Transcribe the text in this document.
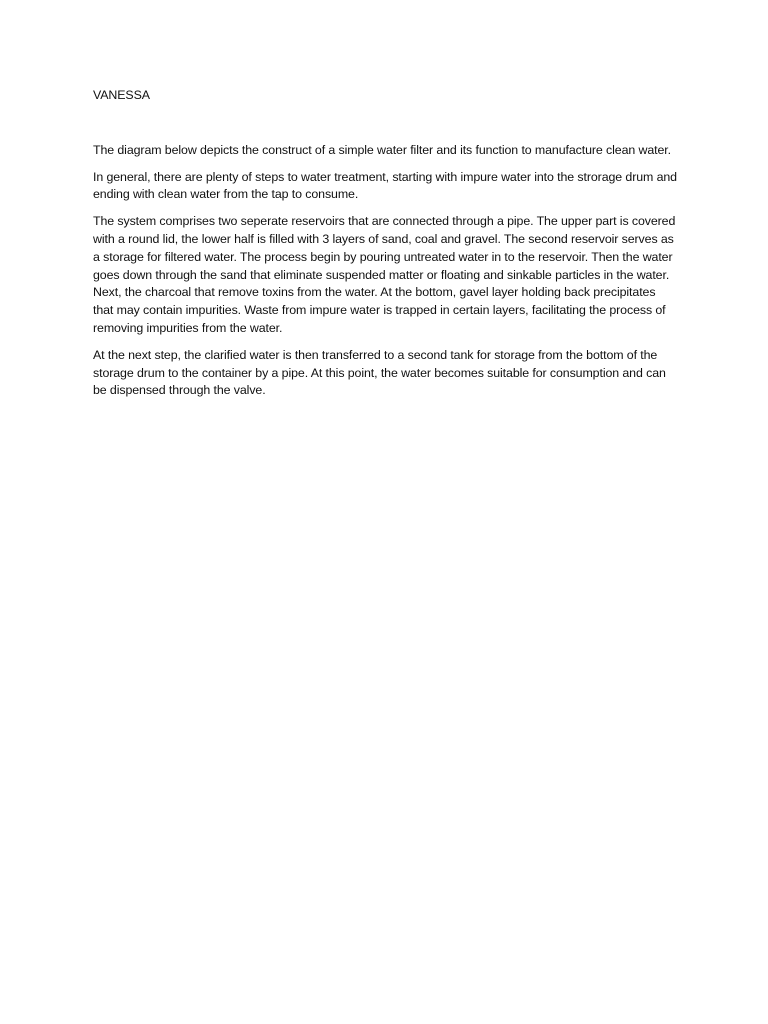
VANESSA

The diagram below depicts the construct of a simple water filter and its function to manufacture clean water.

In general, there are plenty of steps to water treatment, starting with impure water into the strorage drum and ending with clean water from the tap to consume.

The system comprises two seperate reservoirs that are connected through a pipe. The upper part is covered with a round lid, the lower half is filled with 3 layers of sand, coal and gravel. The second reservoir serves as a storage for filtered water. The process begin by pouring untreated water in to the reservoir. Then the water goes down through the sand that eliminate suspended matter or floating and sinkable particles in the water. Next, the charcoal that remove toxins from the water. At the bottom, gavel layer holding back precipitates that may contain impurities. Waste from impure water is trapped in certain layers, facilitating the process of removing impurities from the water.

At the next step, the clarified water is then transferred to a second tank for storage from the bottom of the storage drum to the container by a pipe. At this point, the water becomes suitable for consumption and can be dispensed through the valve.
